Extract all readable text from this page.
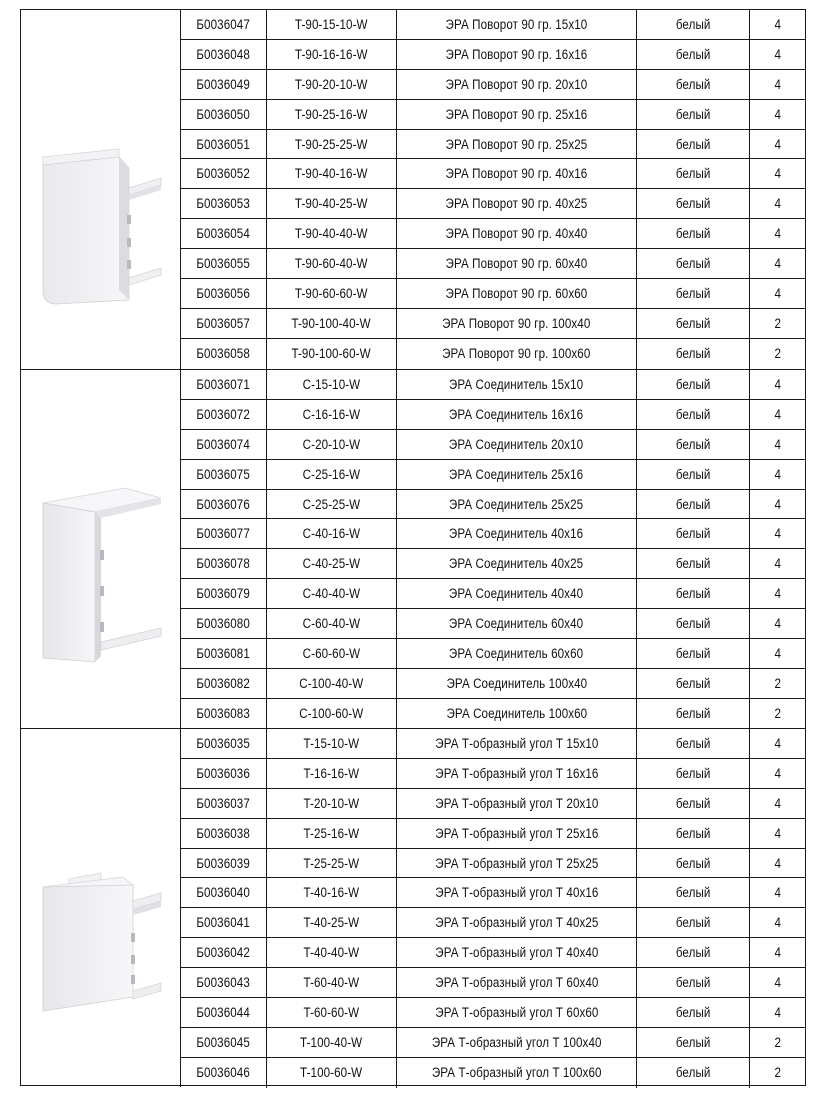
Б0036047	T-90-15-10-W	ЭРА Поворот 90 гр. 15х10	белый	4
Б0036048	T-90-16-16-W	ЭРА Поворот 90 гр. 16х16	белый	4
Б0036049	T-90-20-10-W	ЭРА Поворот 90 гр. 20х10	белый	4
Б0036050	T-90-25-16-W	ЭРА Поворот 90 гр. 25х16	белый	4
Б0036051	T-90-25-25-W	ЭРА Поворот 90 гр. 25х25	белый	4
Б0036052	T-90-40-16-W	ЭРА Поворот 90 гр. 40х16	белый	4
Б0036053	T-90-40-25-W	ЭРА Поворот 90 гр. 40х25	белый	4
Б0036054	T-90-40-40-W	ЭРА Поворот 90 гр. 40х40	белый	4
Б0036055	T-90-60-40-W	ЭРА Поворот 90 гр. 60х40	белый	4
Б0036056	T-90-60-60-W	ЭРА Поворот 90 гр. 60х60	белый	4
Б0036057	T-90-100-40-W	ЭРА Поворот 90 гр. 100х40	белый	2
Б0036058	T-90-100-60-W	ЭРА Поворот 90 гр. 100х60	белый	2
Б0036071	C-15-10-W	ЭРА Соединитель 15х10	белый	4
Б0036072	C-16-16-W	ЭРА Соединитель 16х16	белый	4
Б0036074	C-20-10-W	ЭРА Соединитель 20х10	белый	4
Б0036075	C-25-16-W	ЭРА Соединитель 25х16	белый	4
Б0036076	C-25-25-W	ЭРА Соединитель 25х25	белый	4
Б0036077	C-40-16-W	ЭРА Соединитель 40х16	белый	4
Б0036078	C-40-25-W	ЭРА Соединитель 40х25	белый	4
Б0036079	C-40-40-W	ЭРА Соединитель 40х40	белый	4
Б0036080	C-60-40-W	ЭРА Соединитель 60х40	белый	4
Б0036081	C-60-60-W	ЭРА Соединитель 60х60	белый	4
Б0036082	C-100-40-W	ЭРА Соединитель 100х40	белый	2
Б0036083	C-100-60-W	ЭРА Соединитель 100х60	белый	2
Б0036035	T-15-10-W	ЭРА Т-образный угол Т 15х10	белый	4
Б0036036	T-16-16-W	ЭРА Т-образный угол Т 16х16	белый	4
Б0036037	T-20-10-W	ЭРА Т-образный угол Т 20х10	белый	4
Б0036038	T-25-16-W	ЭРА Т-образный угол Т 25х16	белый	4
Б0036039	T-25-25-W	ЭРА Т-образный угол Т 25х25	белый	4
Б0036040	T-40-16-W	ЭРА Т-образный угол Т 40х16	белый	4
Б0036041	T-40-25-W	ЭРА Т-образный угол Т 40х25	белый	4
Б0036042	T-40-40-W	ЭРА Т-образный угол Т 40х40	белый	4
Б0036043	T-60-40-W	ЭРА Т-образный угол Т 60х40	белый	4
Б0036044	T-60-60-W	ЭРА Т-образный угол Т 60х60	белый	4
Б0036045	T-100-40-W	ЭРА Т-образный угол Т 100х40	белый	2
Б0036046	T-100-60-W	ЭРА Т-образный угол Т 100х60	белый	2
